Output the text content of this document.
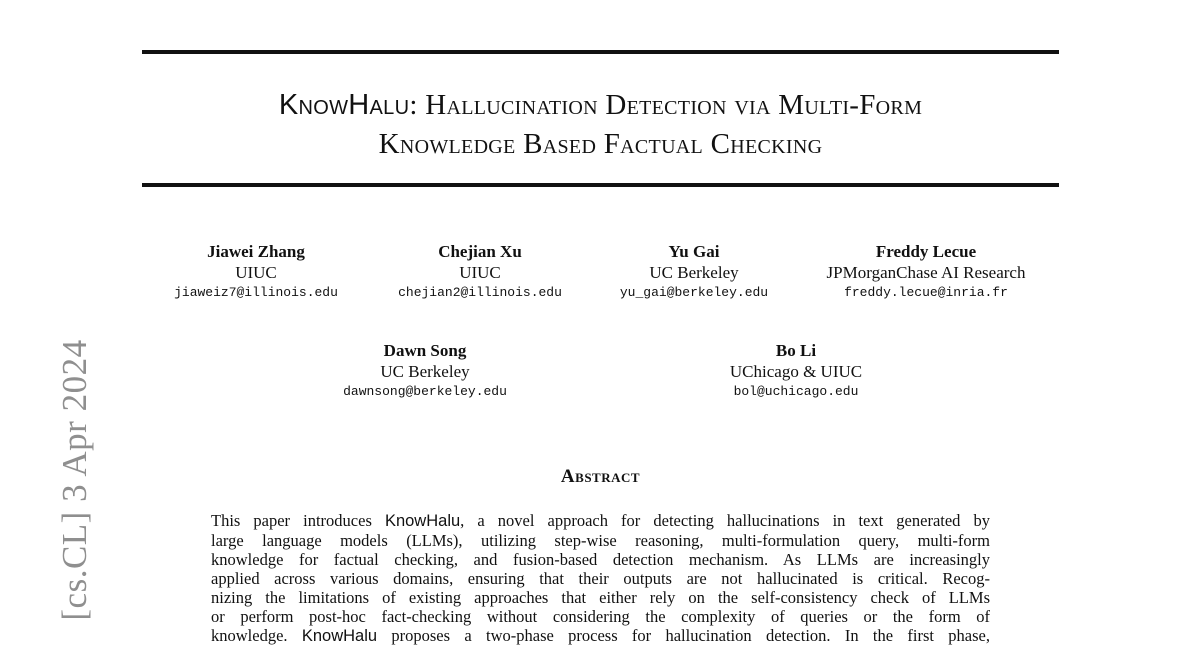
[cs.CL] 3 Apr 2024
KnowHalu: Hallucination Detection via Multi-Form
Knowledge Based Factual Checking
Jiawei Zhang
UIUC
jiaweiz7@illinois.edu
Chejian Xu
UIUC
chejian2@illinois.edu
Yu Gai
UC Berkeley
yu_gai@berkeley.edu
Freddy Lecue
JPMorganChase AI Research
freddy.lecue@inria.fr
Dawn Song
UC Berkeley
dawnsong@berkeley.edu
Bo Li
UChicago & UIUC
bol@uchicago.edu
Abstract
This paper introduces KnowHalu, a novel approach for detecting hallucinations in text generated by
large language models (LLMs), utilizing step-wise reasoning, multi-formulation query, multi-form
knowledge for factual checking, and fusion-based detection mechanism. As LLMs are increasingly
applied across various domains, ensuring that their outputs are not hallucinated is critical. Recog-
nizing the limitations of existing approaches that either rely on the self-consistency check of LLMs
or perform post-hoc fact-checking without considering the complexity of queries or the form of
knowledge. KnowHalu proposes a two-phase process for hallucination detection. In the first phase,
